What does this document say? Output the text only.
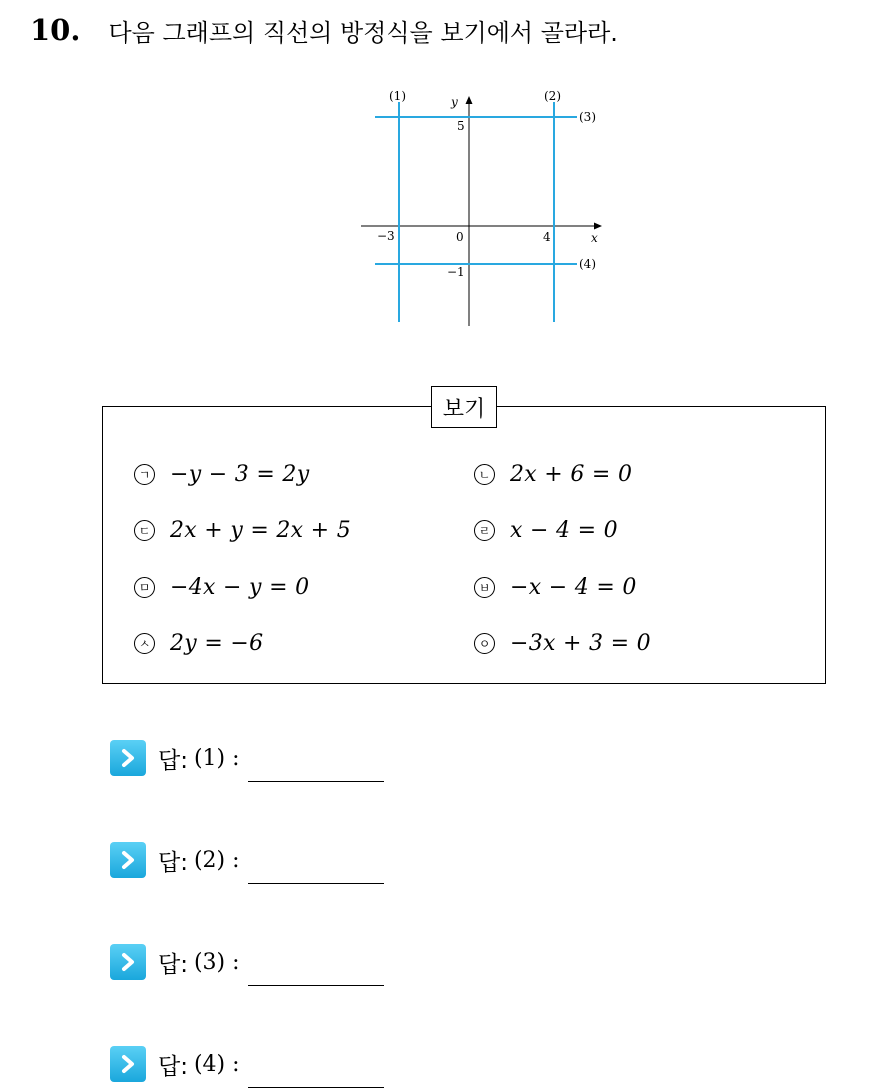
10. 다음 그래프의 직선의 방정식을 보기에서 골라라.
(1)	(2)
(3)
(4)
y
x
5
−3	0	4
−1
보기
ㄱ −y − 3 = 2y	ㄴ 2x + 6 = 0
ㄷ 2x + y = 2x + 5	ㄹ x − 4 = 0
ㅁ −4x − y = 0	ㅂ −x − 4 = 0
ㅅ 2y = −6	ㅇ −3x + 3 = 0
답: (1) :
답: (2) :
답: (3) :
답: (4) :
